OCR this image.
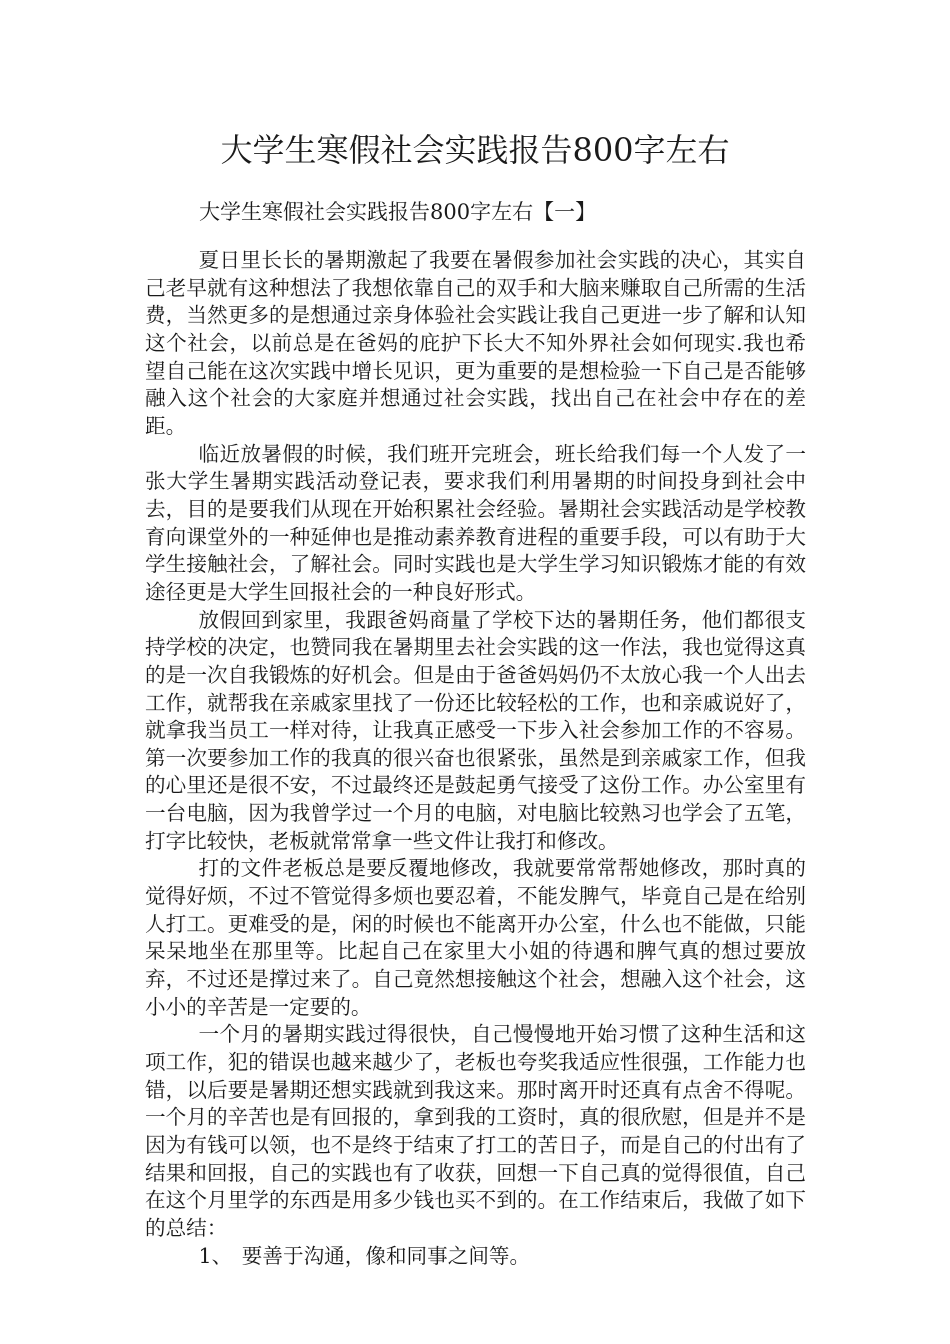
大学生寒假社会实践报告800字左右
大学生寒假社会实践报告800字左右【一】

夏日里长长的暑期激起了我要在暑假参加社会实践的决心，其实自己老早就有这种想法了我想依靠自己的双手和大脑来赚取自己所需的生活费，当然更多的是想通过亲身体验社会实践让我自己更进一步了解和认知这个社会，以前总是在爸妈的庇护下长大不知外界社会如何现实.我也希望自己能在这次实践中增长见识，更为重要的是想检验一下自己是否能够融入这个社会的大家庭并想通过社会实践，找出自己在社会中存在的差距。

临近放暑假的时候，我们班开完班会，班长给我们每一个人发了一张大学生暑期实践活动登记表，要求我们利用暑期的时间投身到社会中去，目的是要我们从现在开始积累社会经验。暑期社会实践活动是学校教育向课堂外的一种延伸也是推动素养教育进程的重要手段，可以有助于大学生接触社会，了解社会。同时实践也是大学生学习知识锻炼才能的有效途径更是大学生回报社会的一种良好形式。

放假回到家里，我跟爸妈商量了学校下达的暑期任务，他们都很支持学校的决定，也赞同我在暑期里去社会实践的这一作法，我也觉得这真的是一次自我锻炼的好机会。但是由于爸爸妈妈仍不太放心我一个人出去工作，就帮我在亲戚家里找了一份还比较轻松的工作，也和亲戚说好了，就拿我当员工一样对待，让我真正感受一下步入社会参加工作的不容易。第一次要参加工作的我真的很兴奋也很紧张，虽然是到亲戚家工作，但我的心里还是很不安，不过最终还是鼓起勇气接受了这份工作。办公室里有一台电脑，因为我曾学过一个月的电脑，对电脑比较熟习也学会了五笔，打字比较快，老板就常常拿一些文件让我打和修改。

打的文件老板总是要反覆地修改，我就要常常帮她修改，那时真的觉得好烦，不过不管觉得多烦也要忍着，不能发脾气，毕竟自己是在给别人打工。更难受的是，闲的时候也不能离开办公室，什么也不能做，只能呆呆地坐在那里等。比起自己在家里大小姐的待遇和脾气真的想过要放弃，不过还是撑过来了。自己竟然想接触这个社会，想融入这个社会，这小小的辛苦是一定要的。

一个月的暑期实践过得很快，自己慢慢地开始习惯了这种生活和这项工作，犯的错误也越来越少了，老板也夸奖我适应性很强，工作能力也错，以后要是暑期还想实践就到我这来。那时离开时还真有点舍不得呢。一个月的辛苦也是有回报的，拿到我的工资时，真的很欣慰，但是并不是因为有钱可以领，也不是终于结束了打工的苦日子，而是自己的付出有了结果和回报，自己的实践也有了收获，回想一下自己真的觉得很值，自己在这个月里学的东西是用多少钱也买不到的。在工作结束后，我做了如下的总结：

1、 要善于沟通，像和同事之间等。
